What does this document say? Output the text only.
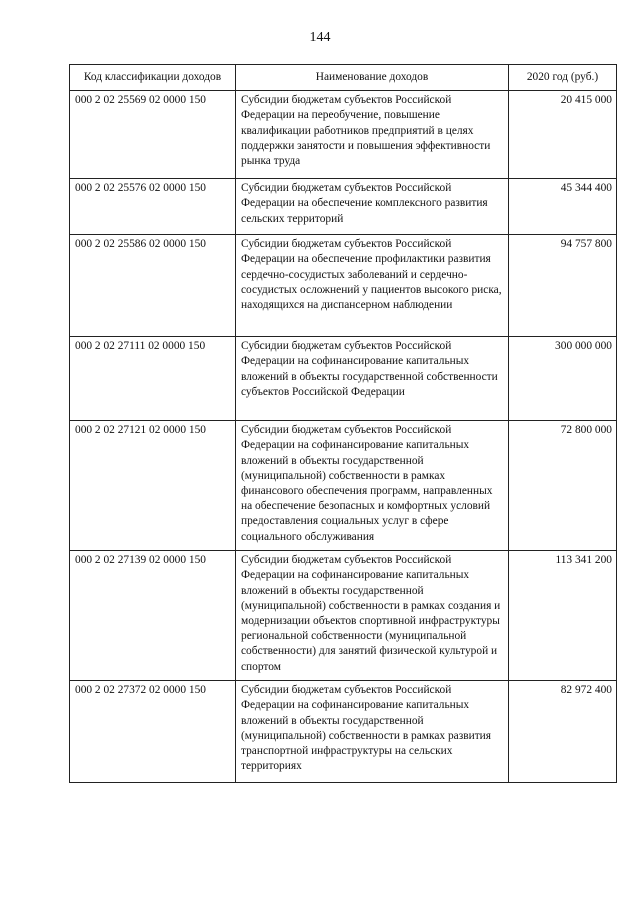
144
Код классификации доходов	Наименование доходов	2020 год (руб.)
000 2 02 25569 02 0000 150	Субсидии бюджетам субъектов Российской Федерации на переобучение, повышение квалификации работников предприятий в целях поддержки занятости и повышения эффективности рынка труда	20 415 000
000 2 02 25576 02 0000 150	Субсидии бюджетам субъектов Российской Федерации на обеспечение комплексного развития сельских территорий	45 344 400
000 2 02 25586 02 0000 150	Субсидии бюджетам субъектов Российской Федерации на обеспечение профилактики развития сердечно-сосудистых заболеваний и сердечно-сосудистых осложнений у пациентов высокого риска, находящихся на диспансерном наблюдении	94 757 800
000 2 02 27111 02 0000 150	Субсидии бюджетам субъектов Российской Федерации на софинансирование капитальных вложений в объекты государственной собственности субъектов Российской Федерации	300 000 000
000 2 02 27121 02 0000 150	Субсидии бюджетам субъектов Российской Федерации на софинансирование капитальных вложений в объекты государственной (муниципальной) собственности в рамках финансового обеспечения программ, направленных на обеспечение безопасных и комфортных условий предоставления социальных услуг в сфере социального обслуживания	72 800 000
000 2 02 27139 02 0000 150	Субсидии бюджетам субъектов Российской Федерации на софинансирование капитальных вложений в объекты государственной (муниципальной) собственности в рамках создания и модернизации объектов спортивной инфраструктуры региональной собственности (муниципальной собственности) для занятий физической культурой и спортом	113 341 200
000 2 02 27372 02 0000 150	Субсидии бюджетам субъектов Российской Федерации на софинансирование капитальных вложений в объекты государственной (муниципальной) собственности в рамках развития транспортной инфраструктуры на сельских территориях	82 972 400
